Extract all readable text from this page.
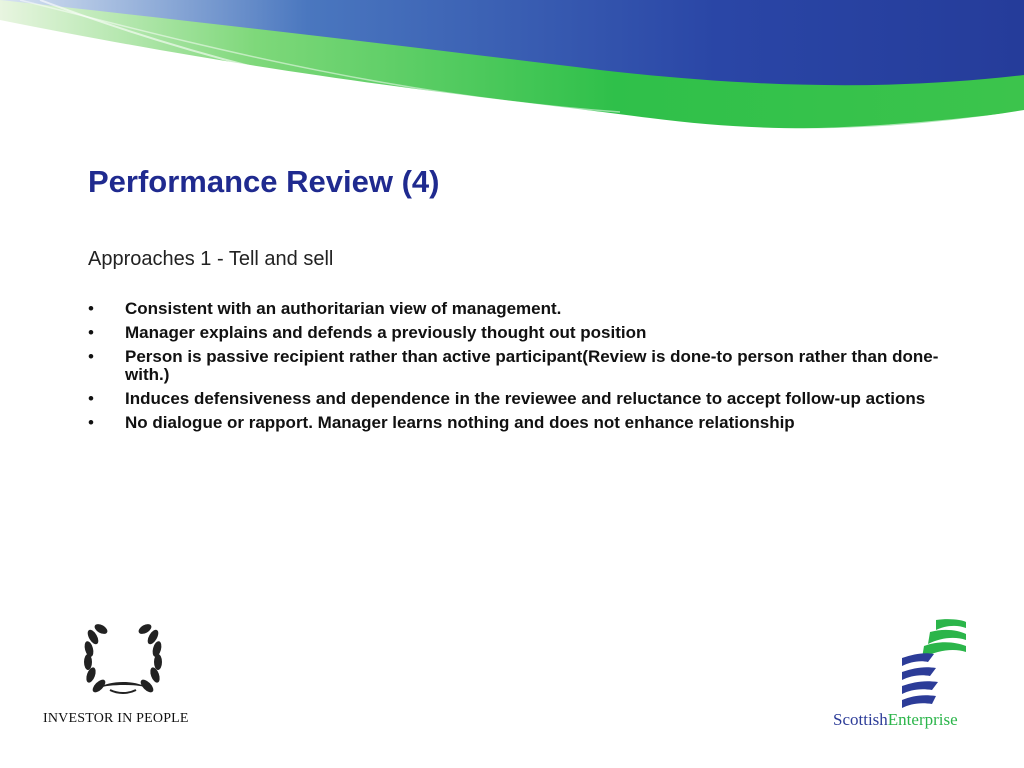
Performance Review (4)

Approaches 1 - Tell and sell

• Consistent with an authoritarian view of management.
• Manager explains and defends a previously thought out position
• Person is passive recipient rather than active participant(Review is done-to person rather than done-with.)
• Induces defensiveness and dependence in the reviewee and reluctance to accept follow-up actions
• No dialogue or rapport. Manager learns nothing and does not enhance relationship
INVESTOR IN PEOPLE	ScottishEnterprise
